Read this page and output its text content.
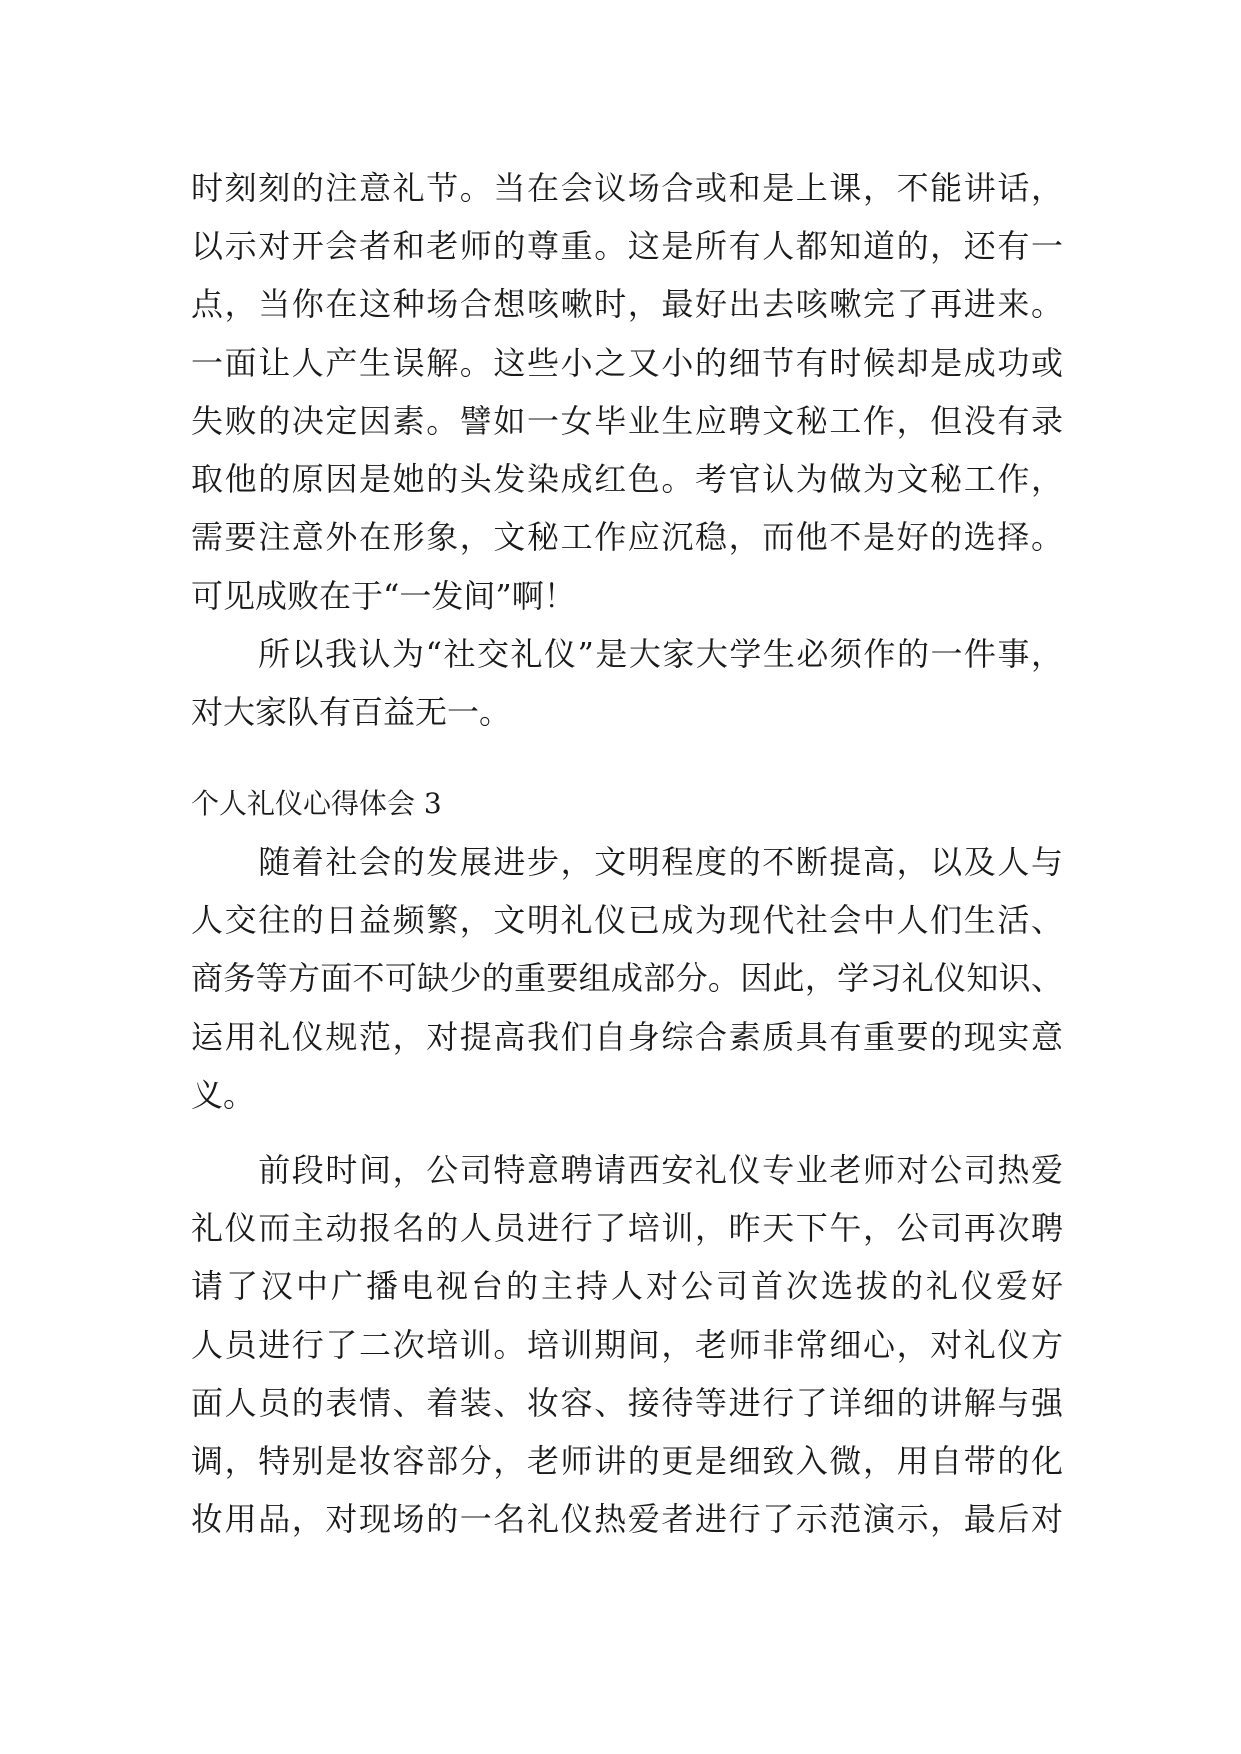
时刻刻的注意礼节。当在会议场合或和是上课，不能讲话，
以示对开会者和老师的尊重。这是所有人都知道的，还有一
点，当你在这种场合想咳嗽时，最好出去咳嗽完了再进来。
一面让人产生误解。这些小之又小的细节有时候却是成功或
失败的决定因素。譬如一女毕业生应聘文秘工作，但没有录
取他的原因是她的头发染成红色。考官认为做为文秘工作，
需要注意外在形象，文秘工作应沉稳，而他不是好的选择。
可见成败在于“一发间”啊！
　　所以我认为“社交礼仪”是大家大学生必须作的一件事，
对大家队有百益无一。
个人礼仪心得体会 3
　　随着社会的发展进步，文明程度的不断提高，以及人与
人交往的日益频繁，文明礼仪已成为现代社会中人们生活、
商务等方面不可缺少的重要组成部分。因此，学习礼仪知识、
运用礼仪规范，对提高我们自身综合素质具有重要的现实意
义。
　　前段时间，公司特意聘请西安礼仪专业老师对公司热爱
礼仪而主动报名的人员进行了培训，昨天下午，公司再次聘
请了汉中广播电视台的主持人对公司首次选拔的礼仪爱好
人员进行了二次培训。培训期间，老师非常细心，对礼仪方
面人员的表情、着装、妆容、接待等进行了详细的讲解与强
调，特别是妆容部分，老师讲的更是细致入微，用自带的化
妆用品，对现场的一名礼仪热爱者进行了示范演示，最后对
